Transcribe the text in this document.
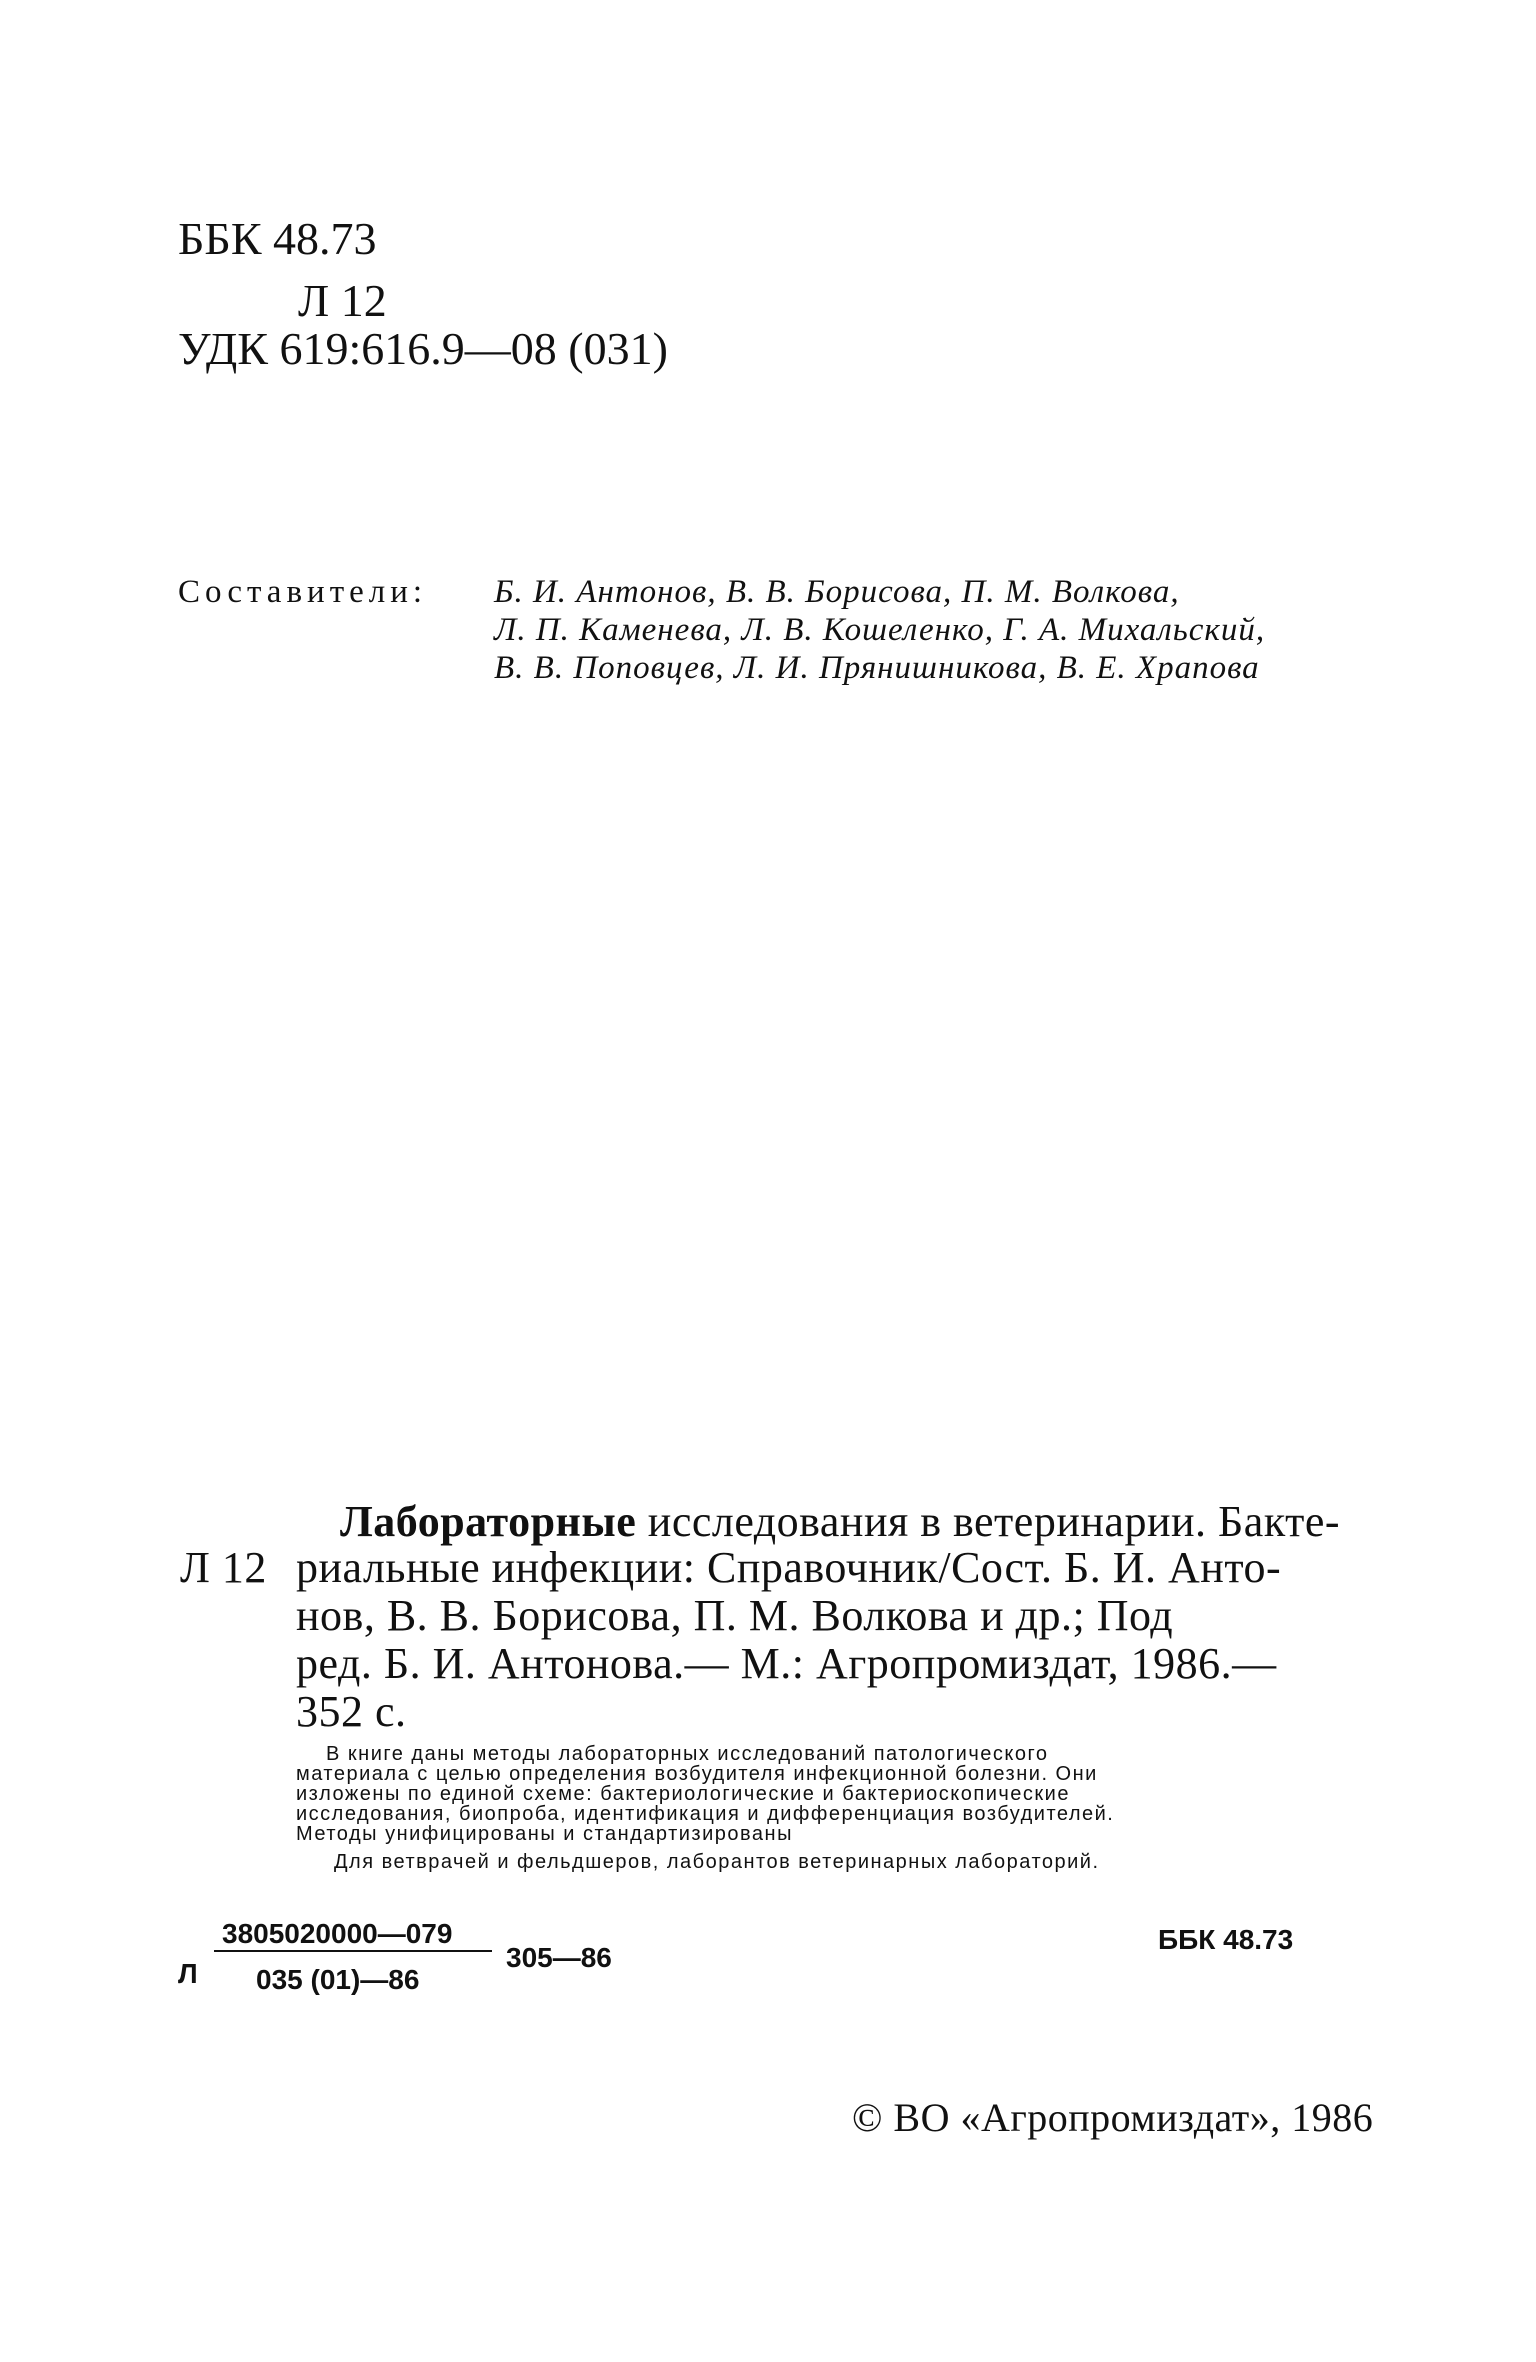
ББК 48.73
Л 12
УДК 619:616.9—08 (031)
Составители: Б. И. Антонов, В. В. Борисова, П. М. Волкова,
Л. П. Каменева, Л. В. Кошеленко, Г. А. Михальский,
В. В. Поповцев, Л. И. Прянишникова, В. Е. Храпова
Лабораторные исследования в ветеринарии. Бакте-
Л 12 риальные инфекции: Справочник/Сост. Б. И. Анто-
нов, В. В. Борисова, П. М. Волкова и др.; Под
ред. Б. И. Антонова.— М.: Агропромиздат, 1986.—
352 с.
В книге даны методы лабораторных исследований патологического
материала с целью определения возбудителя инфекционной болезни. Они
изложены по единой схеме: бактериологические и бактериоскопические
исследования, биопроба, идентификация и дифференциация возбудителей.
Методы унифицированы и стандартизированы
Для ветврачей и фельдшеров, лаборантов ветеринарных лабораторий.
Л
3805020000—079
035 (01)—86
305—86
ББК 48.73
© ВО «Агропромиздат», 1986
